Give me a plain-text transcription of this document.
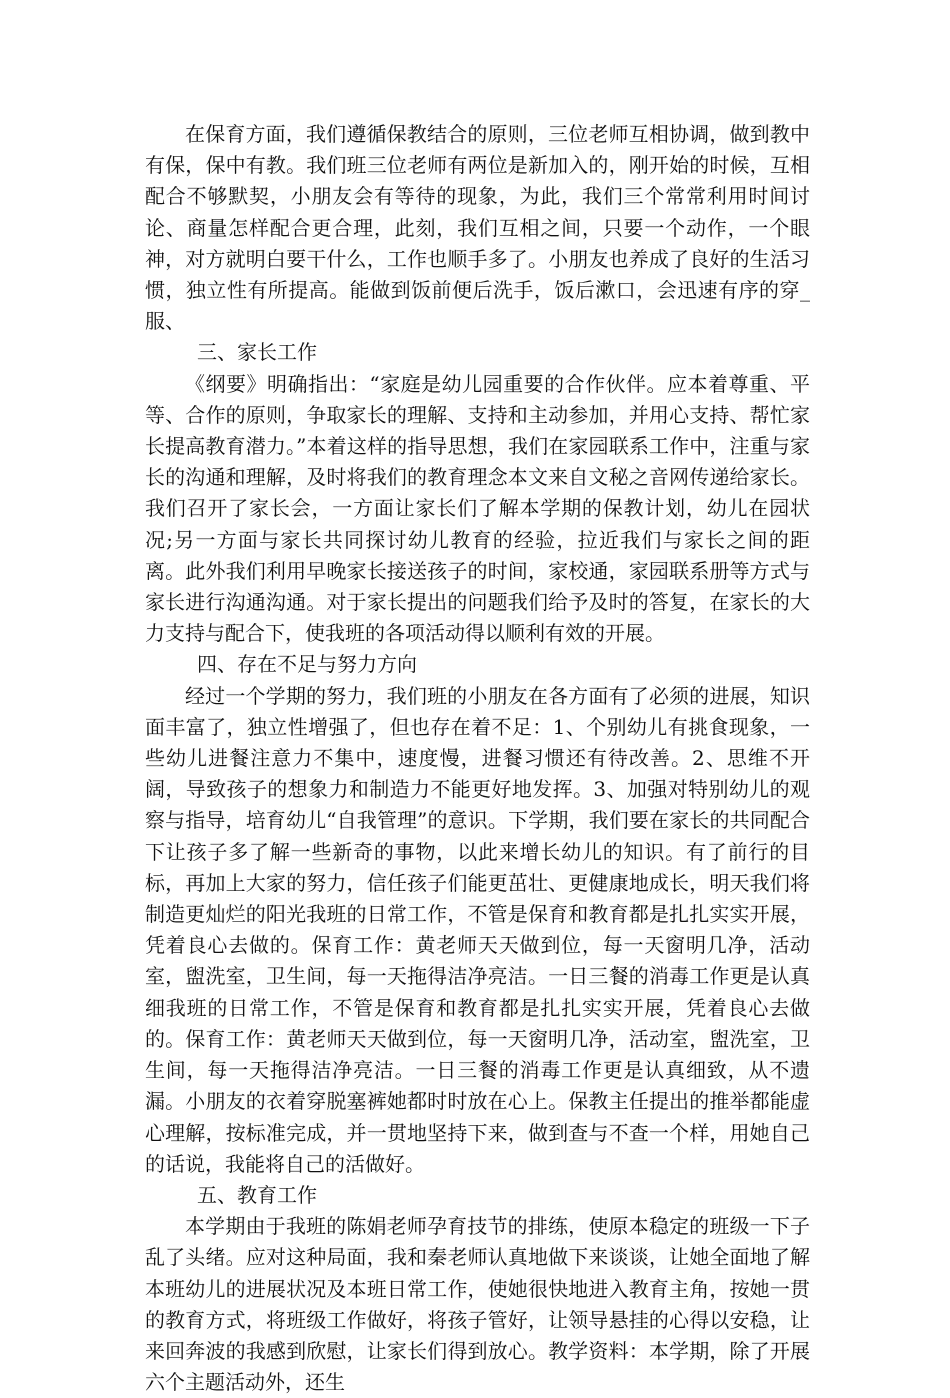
在保育方面，我们遵循保教结合的原则，三位老师互相协调，做到教中有保，保中有教。我们班三位老师有两位是新加入的，刚开始的时候，互相配合不够默契，小朋友会有等待的现象，为此，我们三个常常利用时间讨论、商量怎样配合更合理，此刻，我们互相之间，只要一个动作，一个眼神，对方就明白要干什么，工作也顺手多了。小朋友也养成了良好的生活习惯，独立性有所提高。能做到饭前便后洗手，饭后漱口，会迅速有序的穿_服、

三、家长工作

《纲要》明确指出：“家庭是幼儿园重要的合作伙伴。应本着尊重、平等、合作的原则，争取家长的理解、支持和主动参加，并用心支持、帮忙家长提高教育潜力。”本着这样的指导思想，我们在家园联系工作中，注重与家长的沟通和理解，及时将我们的教育理念本文来自文秘之音网传递给家长。我们召开了家长会，一方面让家长们了解本学期的保教计划，幼儿在园状况;另一方面与家长共同探讨幼儿教育的经验，拉近我们与家长之间的距离。此外我们利用早晚家长接送孩子的时间，家校通，家园联系册等方式与家长进行沟通沟通。对于家长提出的问题我们给予及时的答复，在家长的大力支持与配合下，使我班的各项活动得以顺利有效的开展。

四、存在不足与努力方向

经过一个学期的努力，我们班的小朋友在各方面有了必须的进展，知识面丰富了，独立性增强了，但也存在着不足：1、个别幼儿有挑食现象，一些幼儿进餐注意力不集中，速度慢，进餐习惯还有待改善。2、思维不开阔，导致孩子的想象力和制造力不能更好地发挥。3、加强对特别幼儿的观察与指导，培育幼儿“自我管理”的意识。下学期，我们要在家长的共同配合下让孩子多了解一些新奇的事物，以此来增长幼儿的知识。有了前行的目标，再加上大家的努力，信任孩子们能更茁壮、更健康地成长，明天我们将制造更灿烂的阳光我班的日常工作，不管是保育和教育都是扎扎实实开展，凭着良心去做的。保育工作：黄老师天天做到位，每一天窗明几净，活动室，盥洗室，卫生间，每一天拖得洁净亮洁。一日三餐的消毒工作更是认真细我班的日常工作，不管是保育和教育都是扎扎实实开展，凭着良心去做的。保育工作：黄老师天天做到位，每一天窗明几净，活动室，盥洗室，卫生间，每一天拖得洁净亮洁。一日三餐的消毒工作更是认真细致，从不遗漏。小朋友的衣着穿脱塞裤她都时时放在心上。保教主任提出的推举都能虚心理解，按标准完成，并一贯地坚持下来，做到查与不查一个样，用她自己的话说，我能将自己的活做好。

五、教育工作

本学期由于我班的陈娟老师孕育技节的排练，使原本稳定的班级一下子乱了头绪。应对这种局面，我和秦老师认真地做下来谈谈，让她全面地了解本班幼儿的进展状况及本班日常工作，使她很快地进入教育主角，按她一贯的教育方式，将班级工作做好，将孩子管好，让领导悬挂的心得以安稳，让来回奔波的我感到欣慰，让家长们得到放心。教学资料：本学期，除了开展六个主题活动外，还生
